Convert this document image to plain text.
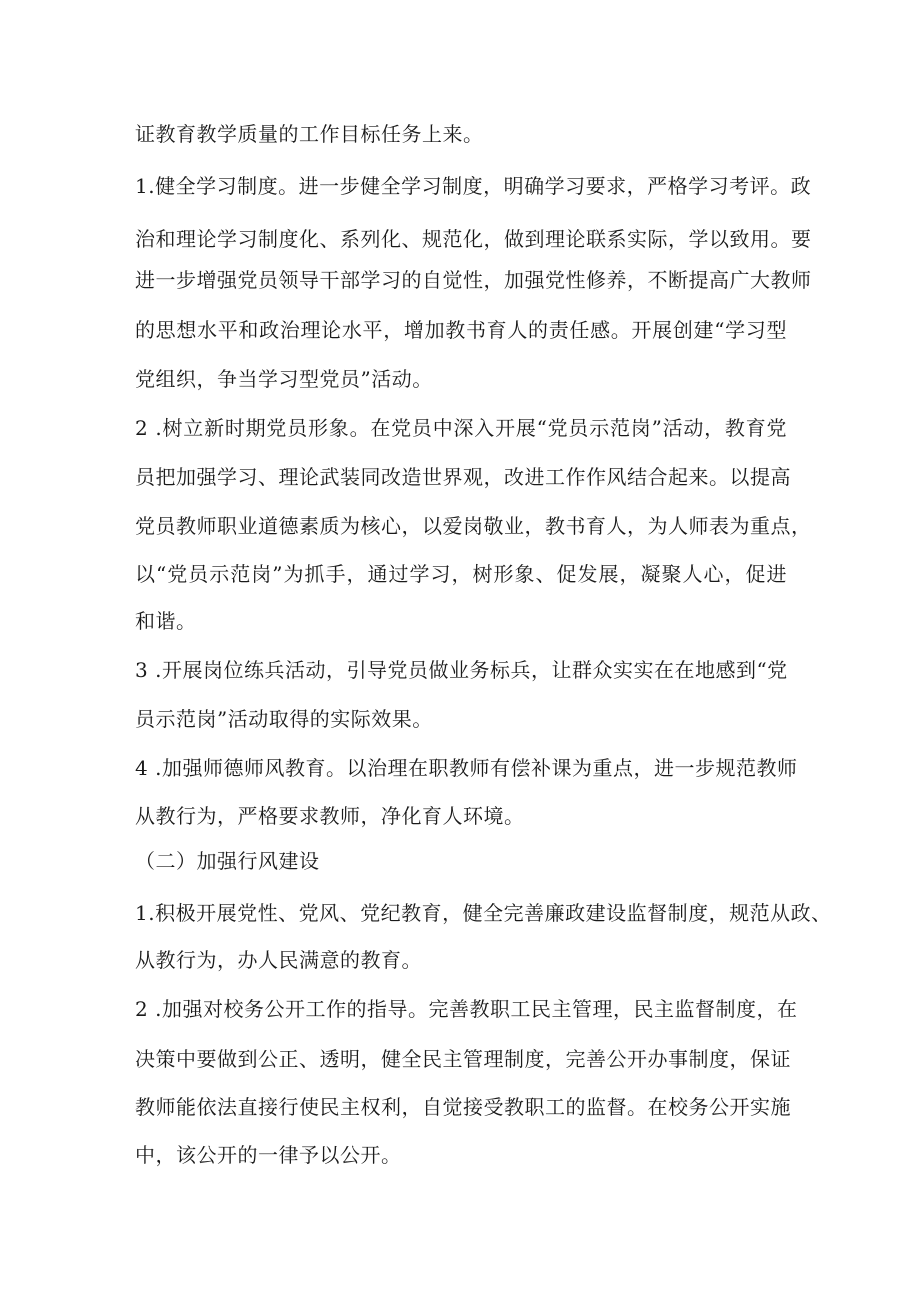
证教育教学质量的工作目标任务上来。
1.健全学习制度。进一步健全学习制度，明确学习要求，严格学习考评。政
治和理论学习制度化、系列化、规范化，做到理论联系实际，学以致用。要
进一步增强党员领导干部学习的自觉性，加强党性修养，不断提高广大教师
的思想水平和政治理论水平，增加教书育人的责任感。开展创建“学习型
党组织，争当学习型党员”活动。
2 .树立新时期党员形象。在党员中深入开展“党员示范岗”活动，教育党
员把加强学习、理论武装同改造世界观，改进工作作风结合起来。以提高
党员教师职业道德素质为核心，以爱岗敬业，教书育人，为人师表为重点，
以“党员示范岗”为抓手，通过学习，树形象、促发展，凝聚人心，促进
和谐。
3 .开展岗位练兵活动，引导党员做业务标兵，让群众实实在在地感到“党
员示范岗”活动取得的实际效果。
4 .加强师德师风教育。以治理在职教师有偿补课为重点，进一步规范教师
从教行为，严格要求教师，净化育人环境。
（二）加强行风建设
1.积极开展党性、党风、党纪教育，健全完善廉政建设监督制度，规范从政、
从教行为，办人民满意的教育。
2 .加强对校务公开工作的指导。完善教职工民主管理，民主监督制度，在
决策中要做到公正、透明，健全民主管理制度，完善公开办事制度，保证
教师能依法直接行使民主权利，自觉接受教职工的监督。在校务公开实施
中，该公开的一律予以公开。
